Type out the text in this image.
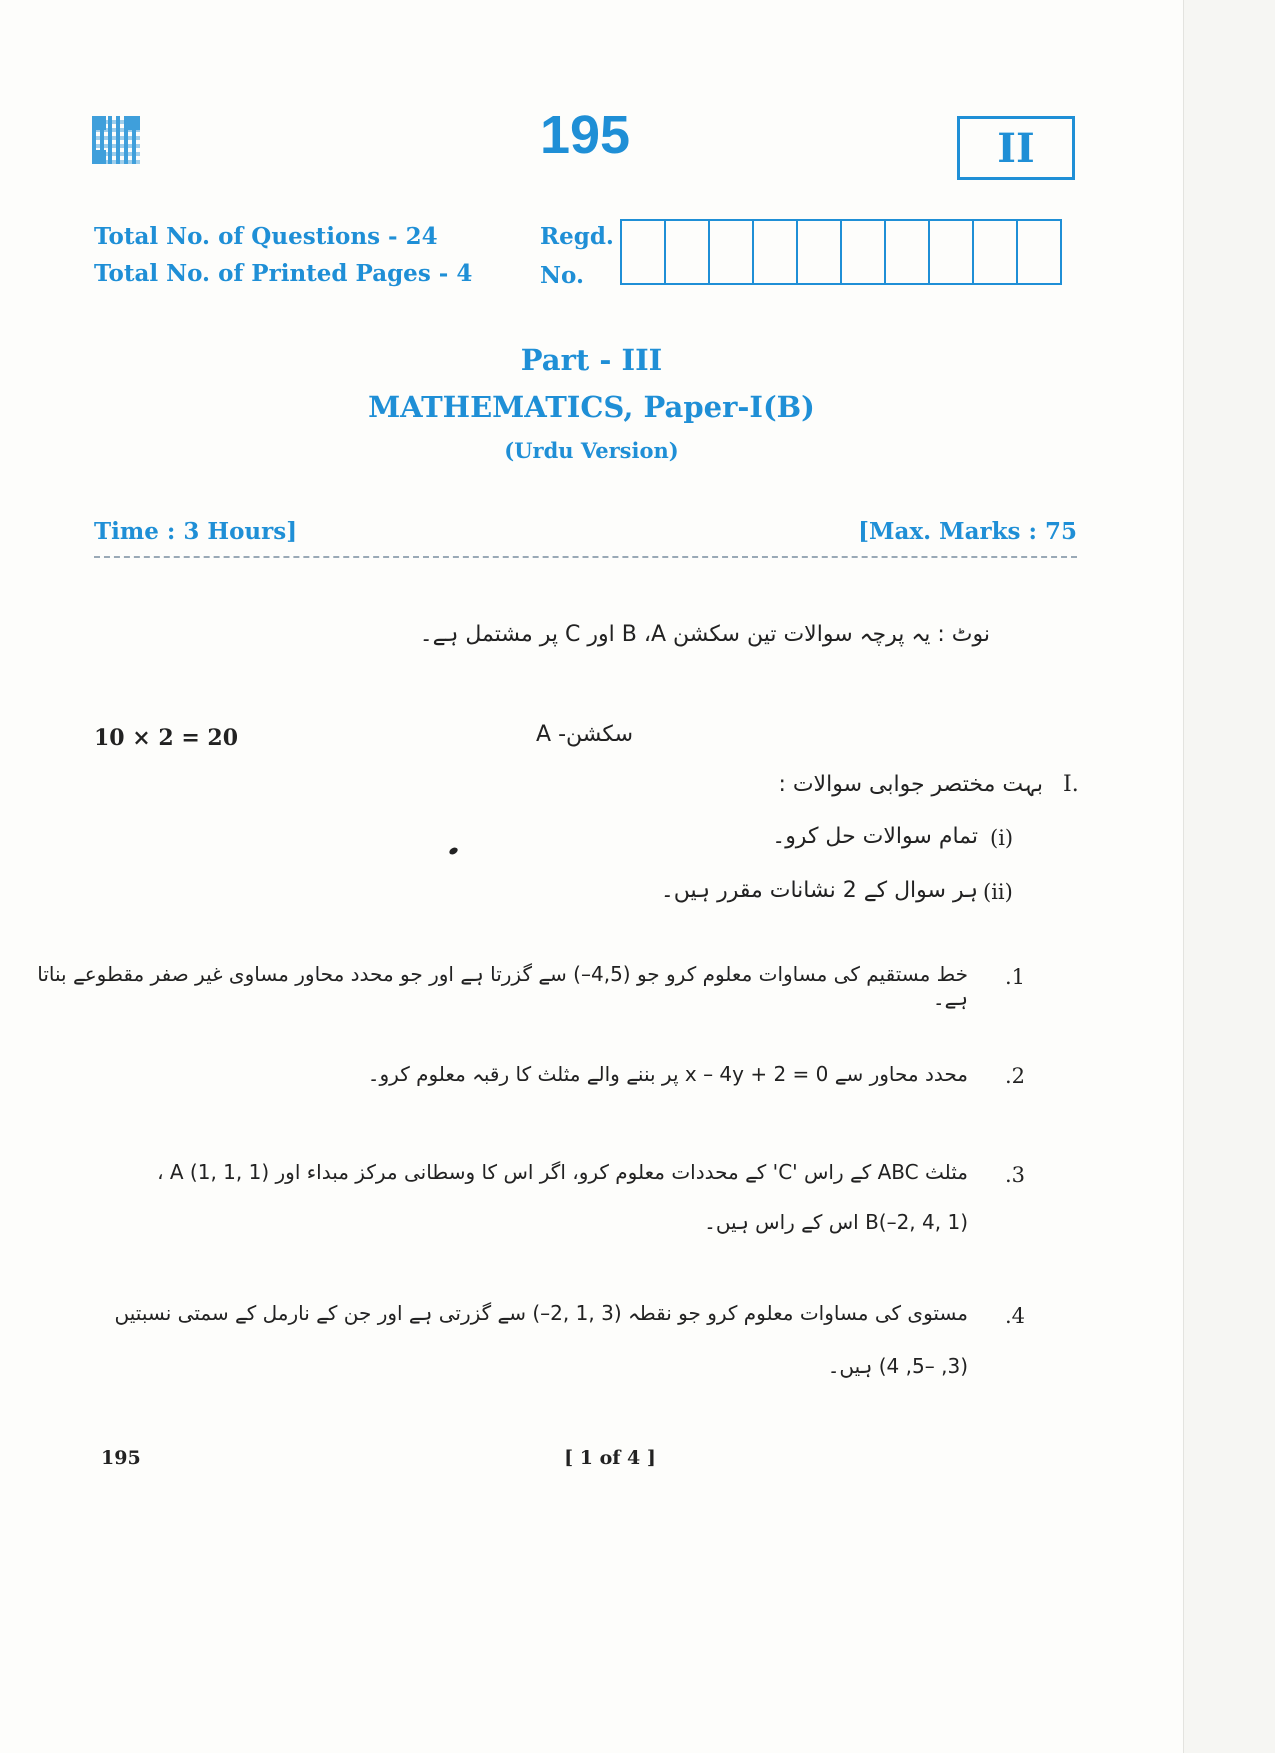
195	II
Total No. of Questions - 24
Total No. of Printed Pages - 4
Regd.
No.
Part - III
MATHEMATICS, Paper-I(B)
(Urdu Version)
Time : 3 Hours]	[Max. Marks : 75
نوٹ : یہ پرچہ سوالات تین سکشن B ،A اور C پر مشتمل ہے۔
10 × 2 = 20	سکشن- A
I.
بہت مختصر جوابی سوالات :
(i)
تمام سوالات حل کرو۔
(ii)
ہر سوال کے 2 نشانات مقرر ہیں۔
.1
خط مستقیم کی مساوات معلوم کرو جو (4,5–) سے گزرتا ہے اور جو محدد محاور مساوی غیر صفر مقطوعے بناتا ہے۔
.2
محدد محاور سے x – 4y + 2 = 0 پر بننے والے مثلث کا رقبہ معلوم کرو۔
.3
مثلث ABC کے راس 'C' کے محددات معلوم کرو، اگر اس کا وسطانی مرکز مبداء اور A (1, 1, 1) ،
B(–2, 4, 1) اس کے راس ہیں۔
.4
مستوی کی مساوات معلوم کرو جو نقطہ (3 ,1 ,2–) سے گزرتی ہے اور جن کے نارمل کے سمتی نسبتیں
(3, –5, 4) ہیں۔
195	[ 1 of 4 ]
